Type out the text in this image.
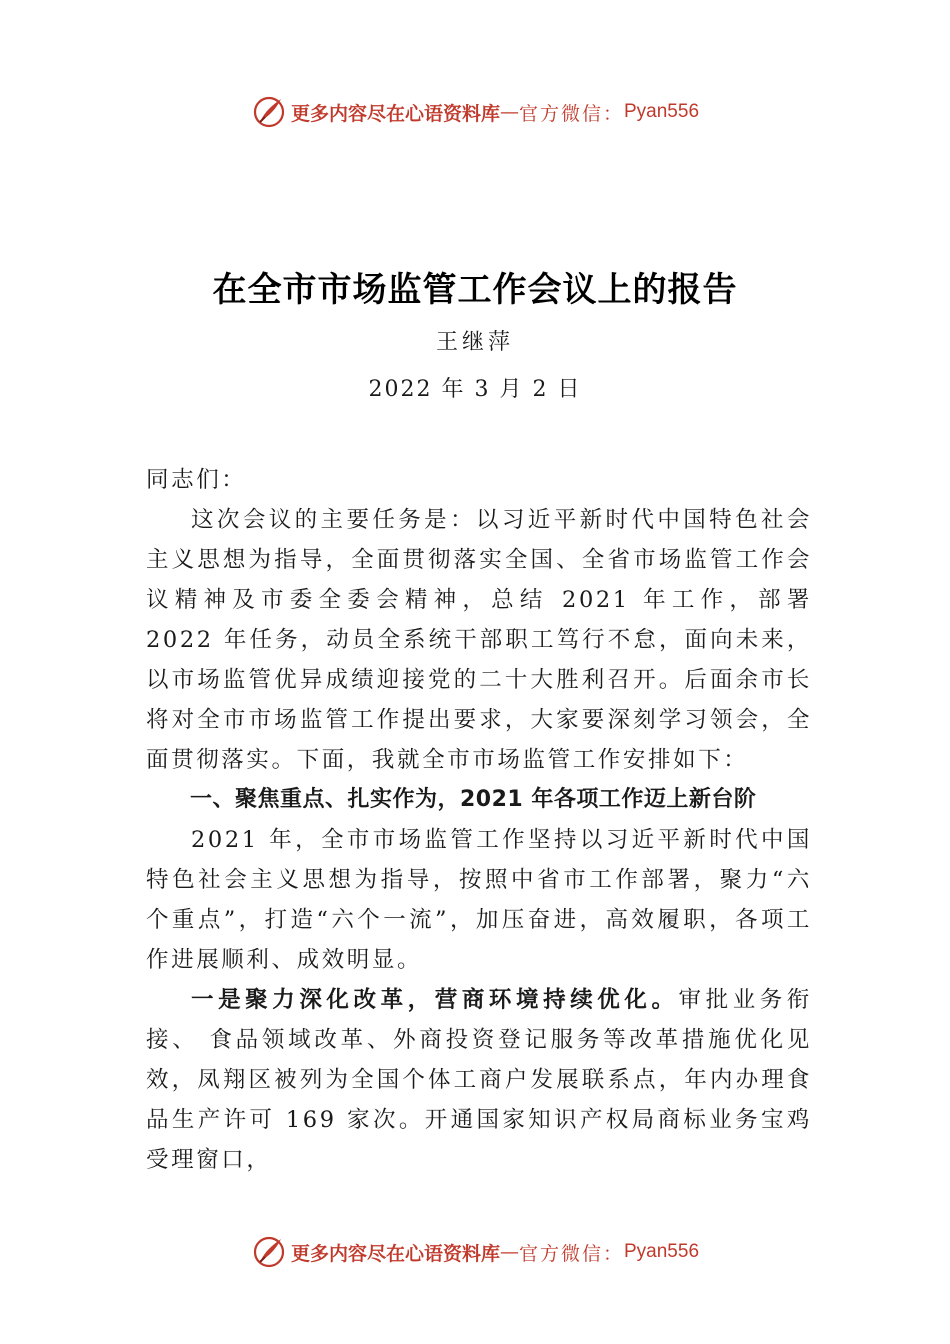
更多内容尽在心语资料库 — 官方微信： Pyan556
在全市市场监管工作会议上的报告
王继萍
2022 年 3 月 2 日

同志们：

这次会议的主要任务是：以习近平新时代中国特色社会主义思想为指导，全面贯彻落实全国、全省市场监管工作会议精神及市委全委会精神，总结 2021 年工作，部署 2022 年任务，动员全系统干部职工笃行不怠，面向未来，以市场监管优异成绩迎接党的二十大胜利召开。后面余市长将对全市市场监管工作提出要求，大家要深刻学习领会，全面贯彻落实。下面，我就全市市场监管工作安排如下：

一、聚焦重点、扎实作为，2021 年各项工作迈上新台阶

2021 年，全市市场监管工作坚持以习近平新时代中国特色社会主义思想为指导，按照中省市工作部署，聚力“六个重点”，打造“六个一流”，加压奋进，高效履职，各项工作进展顺利、成效明显。

一是聚力深化改革，营商环境持续优化。审批业务衔接、 食品领域改革、外商投资登记服务等改革措施优化见效，凤翔区被列为全国个体工商户发展联系点，年内办理食品生产许可 169 家次。开通国家知识产权局商标业务宝鸡受理窗口，

更多内容尽在心语资料库 — 官方微信： Pyan556
